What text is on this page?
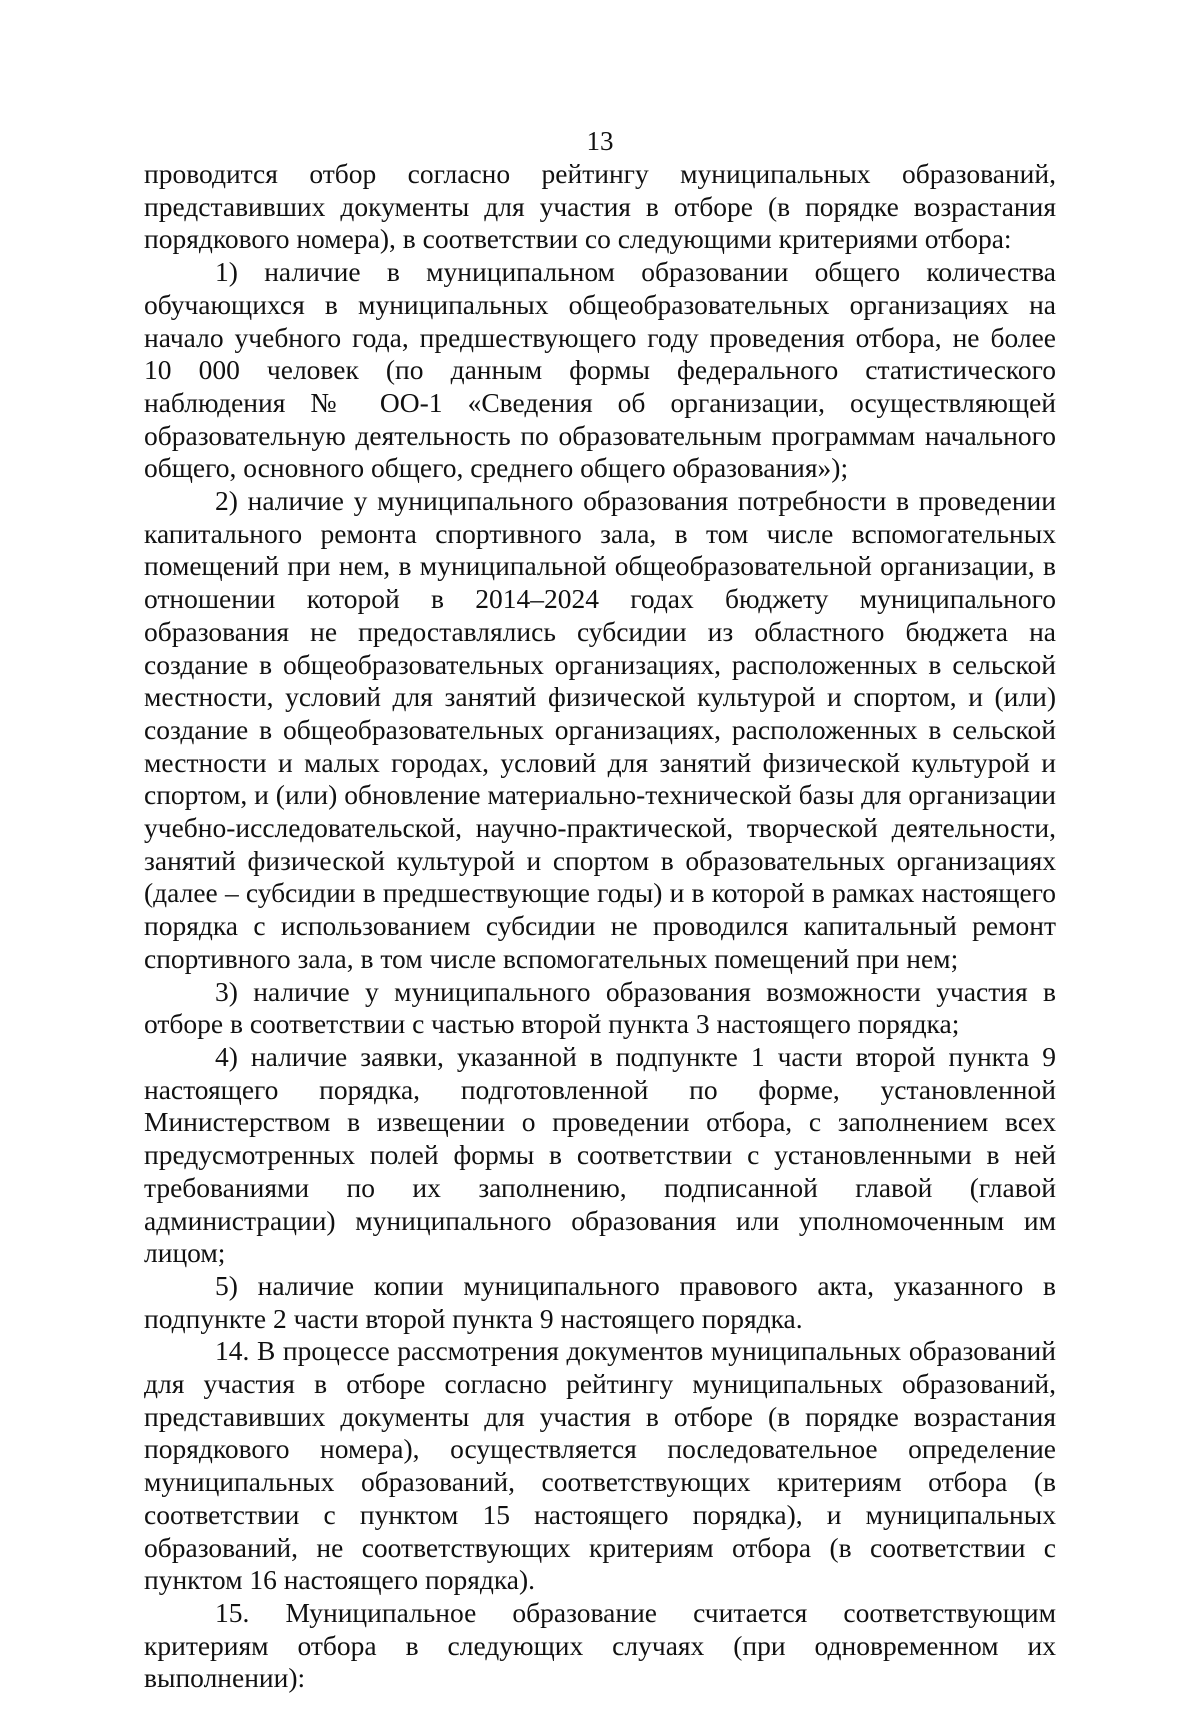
13

проводится отбор согласно рейтингу муниципальных образований, представивших документы для участия в отборе (в порядке возрастания порядкового номера), в соответствии со следующими критериями отбора:

1) наличие в муниципальном образовании общего количества обучающихся в муниципальных общеобразовательных организациях на начало учебного года, предшествующего году проведения отбора, не более 10 000 человек (по данным формы федерального статистического наблюдения № ОО-1 «Сведения об организации, осуществляющей образовательную деятельность по образовательным программам начального общего, основного общего, среднего общего образования»);

2) наличие у муниципального образования потребности в проведении капитального ремонта спортивного зала, в том числе вспомогательных помещений при нем, в муниципальной общеобразовательной организации, в отношении которой в 2014–2024 годах бюджету муниципального образования не предоставлялись субсидии из областного бюджета на создание в общеобразовательных организациях, расположенных в сельской местности, условий для занятий физической культурой и спортом, и (или) создание в общеобразовательных организациях, расположенных в сельской местности и малых городах, условий для занятий физической культурой и спортом, и (или) обновление материально-технической базы для организации учебно-исследовательской, научно-практической, творческой деятельности, занятий физической культурой и спортом в образовательных организациях (далее – субсидии в предшествующие годы) и в которой в рамках настоящего порядка с использованием субсидии не проводился капитальный ремонт спортивного зала, в том числе вспомогательных помещений при нем;

3) наличие у муниципального образования возможности участия в отборе в соответствии с частью второй пункта 3 настоящего порядка;

4) наличие заявки, указанной в подпункте 1 части второй пункта 9 настоящего порядка, подготовленной по форме, установленной Министерством в извещении о проведении отбора, с заполнением всех предусмотренных полей формы в соответствии с установленными в ней требованиями по их заполнению, подписанной главой (главой администрации) муниципального образования или уполномоченным им лицом;

5) наличие копии муниципального правового акта, указанного в подпункте 2 части второй пункта 9 настоящего порядка.

14. В процессе рассмотрения документов муниципальных образований для участия в отборе согласно рейтингу муниципальных образований, представивших документы для участия в отборе (в порядке возрастания порядкового номера), осуществляется последовательное определение муниципальных образований, соответствующих критериям отбора (в соответствии с пунктом 15 настоящего порядка), и муниципальных образований, не соответствующих критериям отбора (в соответствии с пунктом 16 настоящего порядка).

15. Муниципальное образование считается соответствующим критериям отбора в следующих случаях (при одновременном их выполнении):
